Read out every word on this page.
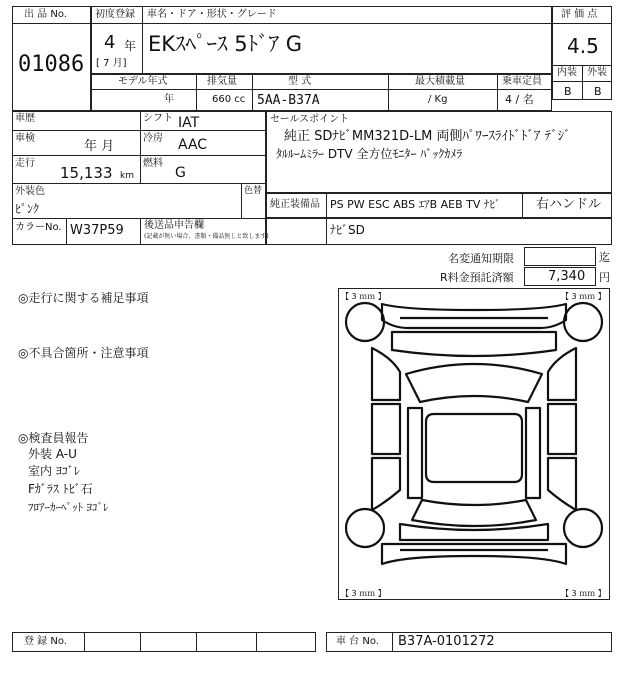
出 品 No.
01086
初度登録 車名・ドア・形状・グレード
4 年
[ 7 月]
EKｽﾍﾟｰｽ 5ﾄﾞｱ G
評 価 点
4.5
内装 外装
B B
モデル年式	排気量	型 式	最大積載量	乗車定員
年	660 cc 5AA-B37A	/ Kg	4 / 名
車歴	シフト IAT
車検
年 月
冷房 AAC
走行
15,133 km
燃料
G
外装色
ﾋﾟﾝｸ
色替
カラーNo. W37P59 後送品申告欄
(記載が無い場合、書類・備品無しと致します)
セールスポイント
純正 SDﾅﾋﾞMM321D-LM 両側ﾊﾟﾜｰｽﾗｲﾄﾞﾄﾞｱ ﾃﾞｼﾞ
ﾀﾙﾙｰﾑﾐﾗｰ DTV 全方位ﾓﾆﾀｰ ﾊﾞｯｸｶﾒﾗ
純正装備品 PS PW ESC ABS ｴｱB AEB TV ﾅﾋﾞ	右ハンドル
ﾅﾋﾞSD
名変通知期限	迄
R料金預託済額	7,340 円
◎走行に関する補足事項
◎不具合箇所・注意事項
◎検査員報告
外装 A-U
室内 ﾖｺﾞﾚ
Fｶﾞﾗｽ ﾄﾋﾞ石
ﾌﾛｱｰｶｰﾍﾟｯﾄ ﾖｺﾞﾚ
【 3 ｍｍ 】	【 3 ｍｍ 】
【 3 ｍｍ 】	【 3 ｍｍ 】
登 録 No.	車 台 No. B37A-0101272
